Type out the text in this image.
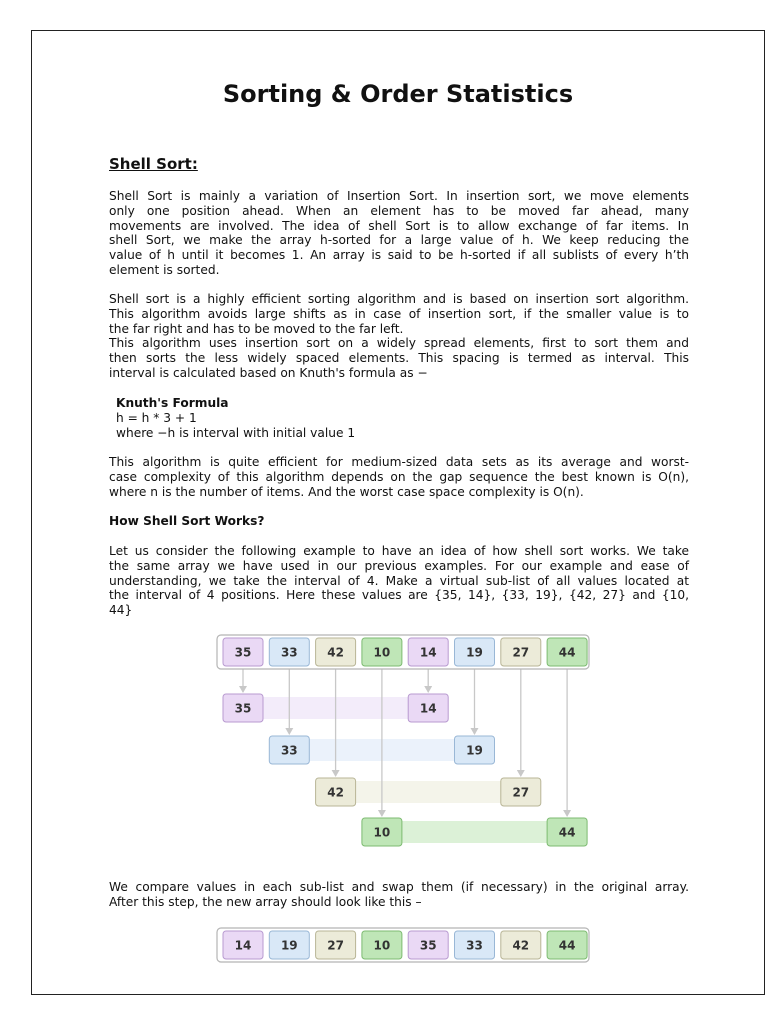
Sorting & Order Statistics
Shell Sort:

Shell Sort is mainly a variation of Insertion Sort. In insertion sort, we move elements
only one position ahead. When an element has to be moved far ahead, many
movements are involved. The idea of shell Sort is to allow exchange of far items. In
shell Sort, we make the array h-sorted for a large value of h. We keep reducing the
value of h until it becomes 1. An array is said to be h-sorted if all sublists of every h’th
element is sorted.

Shell sort is a highly efficient sorting algorithm and is based on insertion sort algorithm.
This algorithm avoids large shifts as in case of insertion sort, if the smaller value is to
the far right and has to be moved to the far left.
This algorithm uses insertion sort on a widely spread elements, first to sort them and
then sorts the less widely spaced elements. This spacing is termed as interval. This
interval is calculated based on Knuth's formula as −

Knuth's Formula
h = h * 3 + 1
where −h is interval with initial value 1

This algorithm is quite efficient for medium-sized data sets as its average and worst-
case complexity of this algorithm depends on the gap sequence the best known is O(n),
where n is the number of items. And the worst case space complexity is O(n).

How Shell Sort Works?

Let us consider the following example to have an idea of how shell sort works. We take
the same array we have used in our previous examples. For our example and ease of
understanding, we take the interval of 4. Make a virtual sub-list of all values located at
the interval of 4 positions. Here these values are {35, 14}, {33, 19}, {42, 27} and {10,
44}

35 33 42 10 14 19 27 44
35	14
33	19
42	27
10	44

We compare values in each sub-list and swap them (if necessary) in the original array.
After this step, the new array should look like this –

14 19 27 10 35 33 42 44
